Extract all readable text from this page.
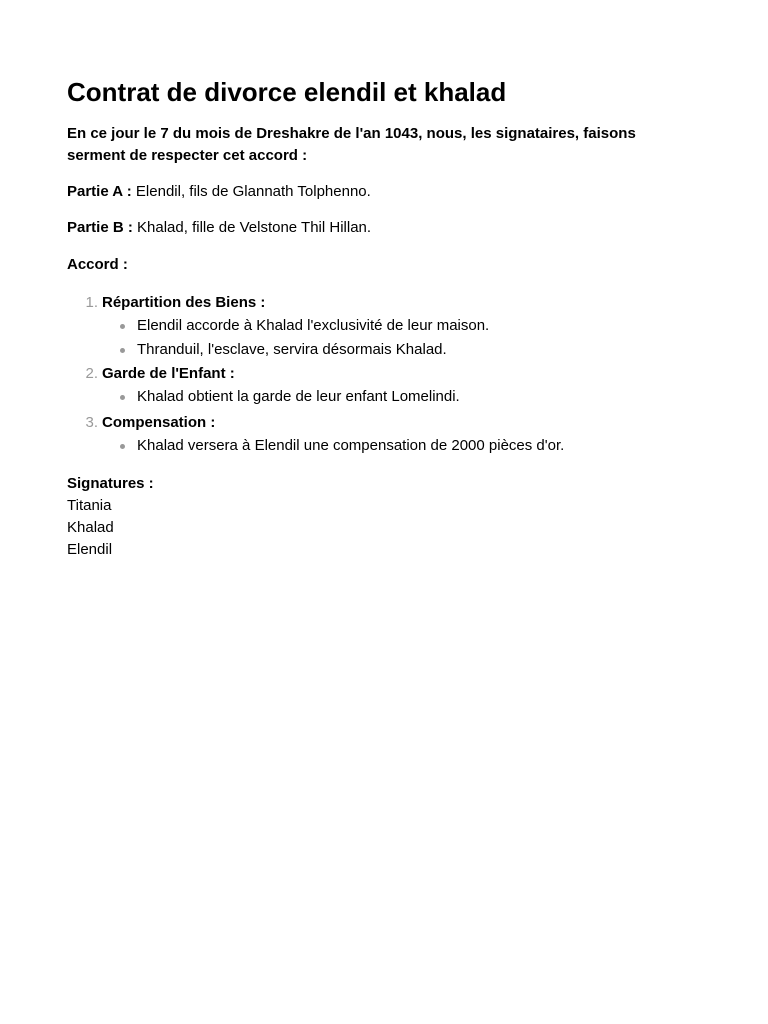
Contrat de divorce elendil et khalad

En ce jour le 7 du mois de Dreshakre de l'an 1043, nous, les signataires, faisons serment de respecter cet accord :

Partie A : Elendil, fils de Glannath Tolphenno.

Partie B : Khalad, fille de Velstone Thil Hillan.

Accord :

1. Répartition des Biens :
Elendil accorde à Khalad l'exclusivité de leur maison.
Thranduil, l'esclave, servira désormais Khalad.
2. Garde de l'Enfant :
Khalad obtient la garde de leur enfant Lomelindi.
3. Compensation :
Khalad versera à Elendil une compensation de 2000 pièces d'or.
Signatures :
Titania
Khalad
Elendil
